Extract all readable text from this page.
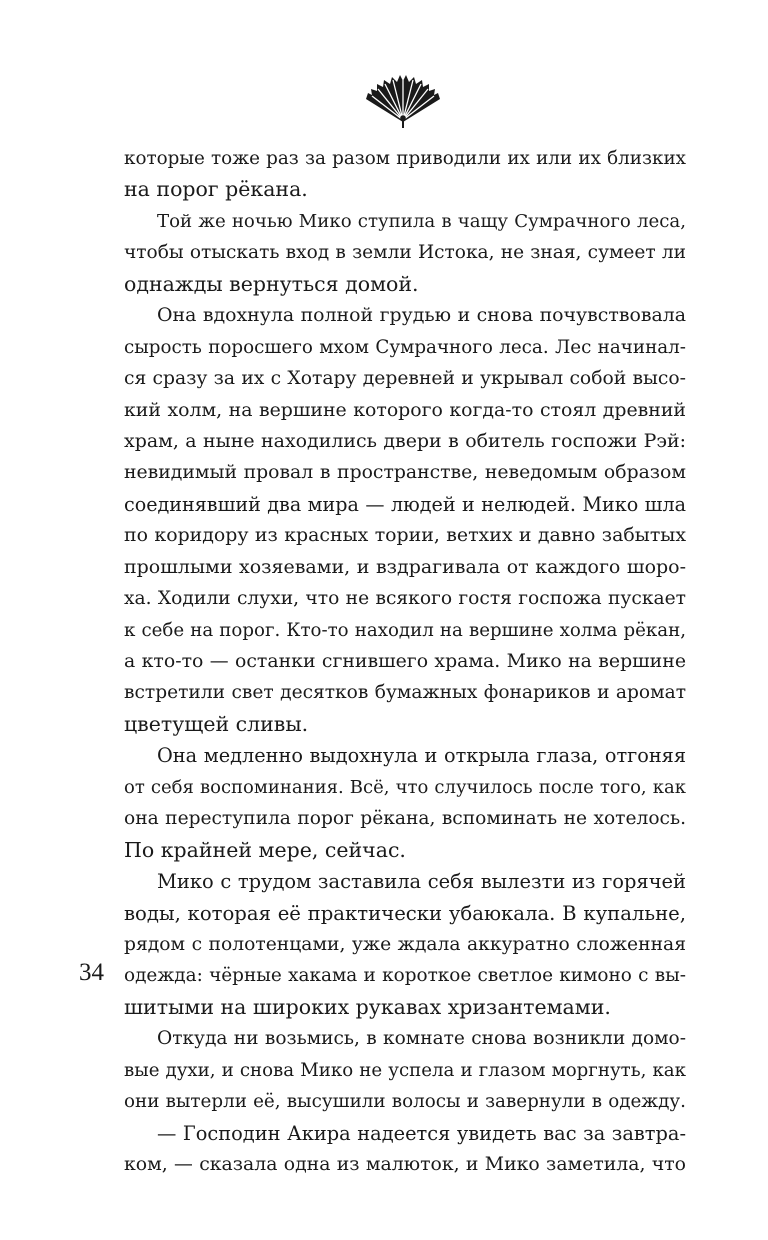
которые тоже раз за разом приводили их или их близких
на порог рёкана.
Той же ночью Мико ступила в чащу Сумрачного леса,
чтобы отыскать вход в земли Истока, не зная, сумеет ли
однажды вернуться домой.
Она вдохнула полной грудью и снова почувствовала
сырость поросшего мхом Сумрачного леса. Лес начинал-
ся сразу за их с Хотару деревней и укрывал собой высо-
кий холм, на вершине которого когда-то стоял древний
храм, а ныне находились двери в обитель госпожи Рэй:
невидимый провал в пространстве, неведомым образом
соединявший два мира — людей и нелюдей. Мико шла
по коридору из красных тории, ветхих и давно забытых
прошлыми хозяевами, и вздрагивала от каждого шоро-
ха. Ходили слухи, что не всякого гостя госпожа пускает
к себе на порог. Кто-то находил на вершине холма рёкан,
а кто-то — останки сгнившего храма. Мико на вершине
встретили свет десятков бумажных фонариков и аромат
цветущей сливы.
Она медленно выдохнула и открыла глаза, отгоняя
от себя воспоминания. Всё, что случилось после того, как
она переступила порог рёкана, вспоминать не хотелось.
По крайней мере, сейчас.
Мико с трудом заставила себя вылезти из горячей
воды, которая её практически убаюкала. В купальне,
рядом с полотенцами, уже ждала аккуратно сложенная
одежда: чёрные хакама и короткое светлое кимоно с вы-
шитыми на широких рукавах хризантемами.
Откуда ни возьмись, в комнате снова возникли домо-
вые духи, и снова Мико не успела и глазом моргнуть, как
они вытерли её, высушили волосы и завернули в одежду.
— Господин Акира надеется увидеть вас за завтра-
ком, — сказала одна из малюток, и Мико заметила, что
34
